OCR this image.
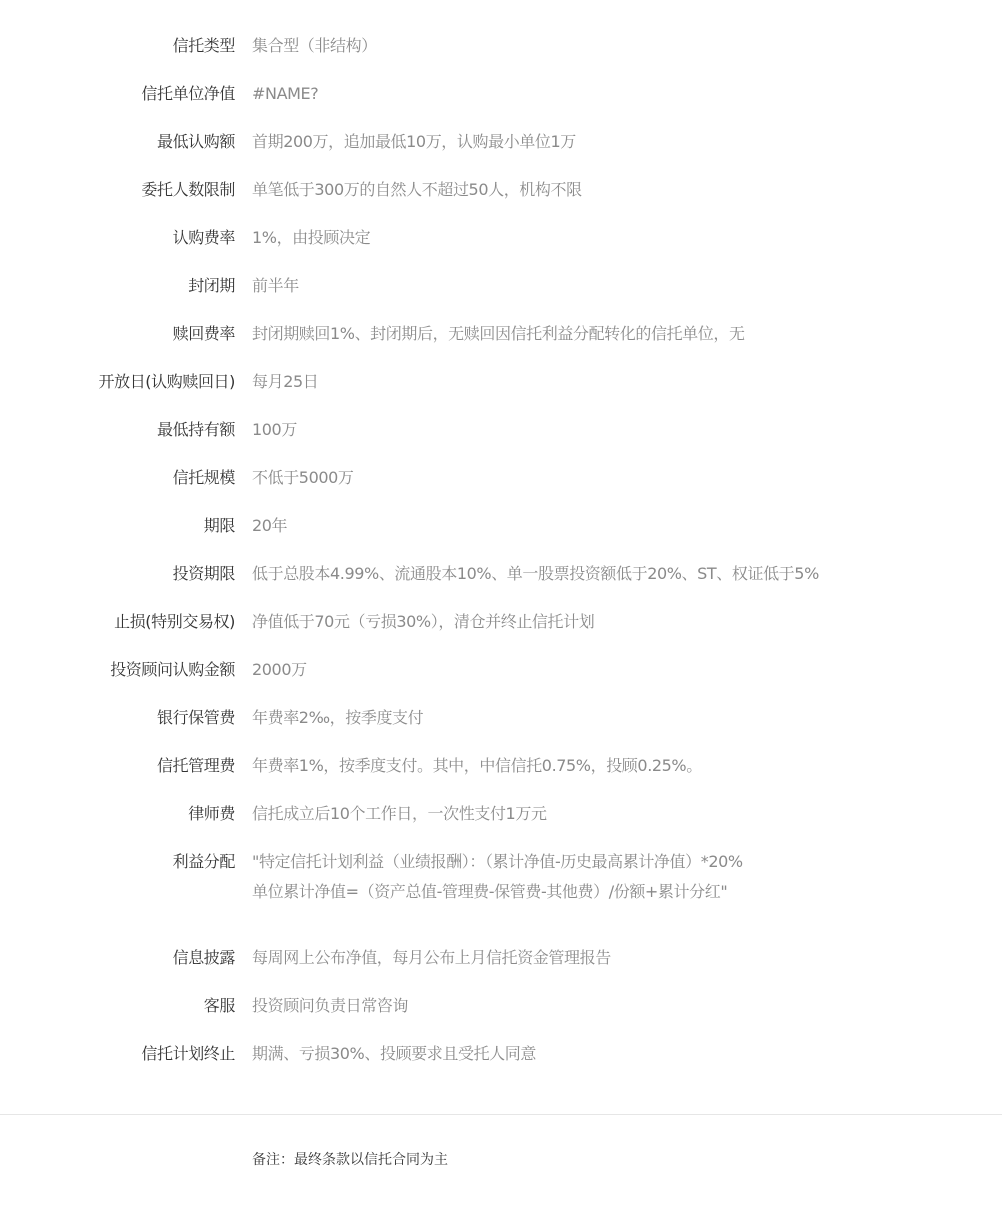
信托类型 集合型（非结构）
信托单位净值 #NAME?
最低认购额 首期200万，追加最低10万，认购最小单位1万
委托人数限制 单笔低于300万的自然人不超过50人，机构不限
认购费率 1%，由投顾决定
封闭期 前半年
赎回费率 封闭期赎回1%、封闭期后，无赎回因信托利益分配转化的信托单位，无
开放日(认购赎回日) 每月25日
最低持有额 100万
信托规模 不低于5000万
期限 20年
投资期限 低于总股本4.99%、流通股本10%、单一股票投资额低于20%、ST、权证低于5%
止损(特别交易权) 净值低于70元（亏损30%），清仓并终止信托计划
投资顾问认购金额 2000万
银行保管费 年费率2‰，按季度支付
信托管理费 年费率1%，按季度支付。其中，中信信托0.75%，投顾0.25%。
律师费 信托成立后10个工作日，一次性支付1万元
利益分配 "特定信托计划利益（业绩报酬）：（累计净值-历史最高累计净值）*20%
单位累计净值=（资产总值-管理费-保管费-其他费）/份额+累计分红"
信息披露 每周网上公布净值，每月公布上月信托资金管理报告
客服 投资顾问负责日常咨询
信托计划终止 期满、亏损30%、投顾要求且受托人同意
备注：最终条款以信托合同为主
